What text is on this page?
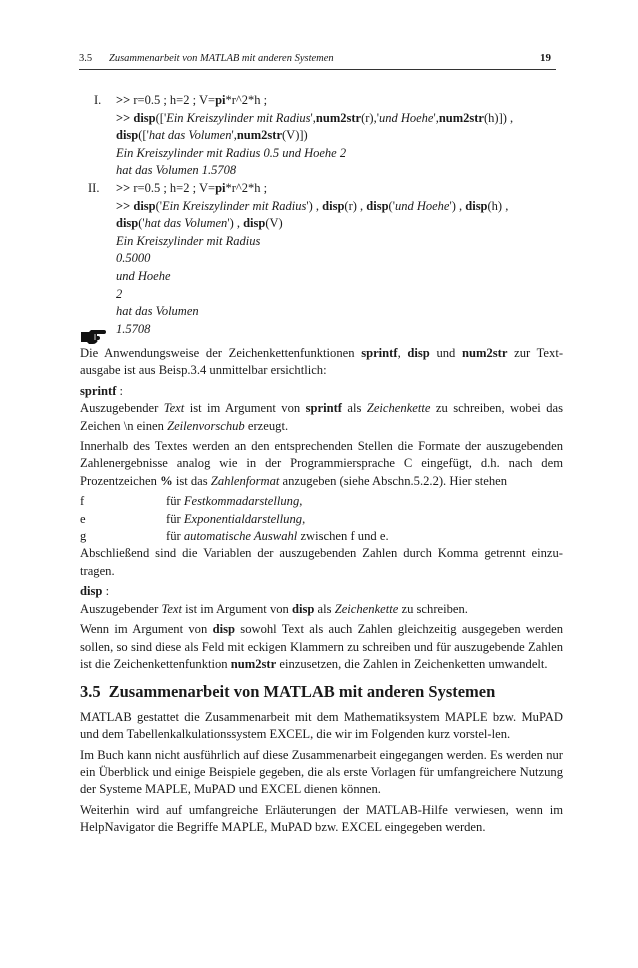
3.5 Zusammenarbeit von MATLAB mit anderen Systemen	19
I. >> r=0.5 ; h=2 ; V=pi*r^2*h ;
>> disp(['Ein Kreiszylinder mit Radius',num2str(r),'und Hoehe',num2str(h)]) ,
disp(['hat das Volumen',num2str(V)])
Ein Kreiszylinder mit Radius 0.5 und Hoehe 2
hat das Volumen 1.5708
II. >> r=0.5 ; h=2 ; V=pi*r^2*h ;
>> disp('Ein Kreiszylinder mit Radius') , disp(r) , disp('und Hoehe') , disp(h) ,
disp('hat das Volumen') , disp(V)
Ein Kreiszylinder mit Radius
0.5000
und Hoehe
2
hat das Volumen
1.5708

Die Anwendungsweise der Zeichenkettenfunktionen sprintf, disp und num2str zur Text-ausgabe ist aus Beisp.3.4 unmittelbar ersichtlich:

sprintf :

Auszugebender Text ist im Argument von sprintf als Zeichenkette zu schreiben, wobei das Zeichen \n einen Zeilenvorschub erzeugt.

Innerhalb des Textes werden an den entsprechenden Stellen die Formate der auszugebenden Zahlenergebnisse analog wie in der Programmiersprache C eingefügt, d.h. nach dem Prozentzeichen % ist das Zahlenformat anzugeben (siehe Abschn.5.2.2). Hier stehen

f	für Festkommadarstellung,
e	für Exponentialdarstellung,
g	für automatische Auswahl zwischen f und e.

Abschließend sind die Variablen der auszugebenden Zahlen durch Komma getrennt einzu-tragen.

disp :

Auszugebender Text ist im Argument von disp als Zeichenkette zu schreiben.

Wenn im Argument von disp sowohl Text als auch Zahlen gleichzeitig ausgegeben werden sollen, so sind diese als Feld mit eckigen Klammern zu schreiben und für auszugebende Zahlen ist die Zeichenkettenfunktion num2str einzusetzen, die Zahlen in Zeichenketten umwandelt.

3.5 Zusammenarbeit von MATLAB mit anderen Systemen

MATLAB gestattet die Zusammenarbeit mit dem Mathematiksystem MAPLE bzw. MuPAD und dem Tabellenkalkulationssystem EXCEL, die wir im Folgenden kurz vorstel-len.

Im Buch kann nicht ausführlich auf diese Zusammenarbeit eingegangen werden. Es werden nur ein Überblick und einige Beispiele gegeben, die als erste Vorlagen für umfangreichere Nutzung der Systeme MAPLE, MuPAD und EXCEL dienen können.

Weiterhin wird auf umfangreiche Erläuterungen der MATLAB-Hilfe verwiesen, wenn im HelpNavigator die Begriffe MAPLE, MuPAD bzw. EXCEL eingegeben werden.
